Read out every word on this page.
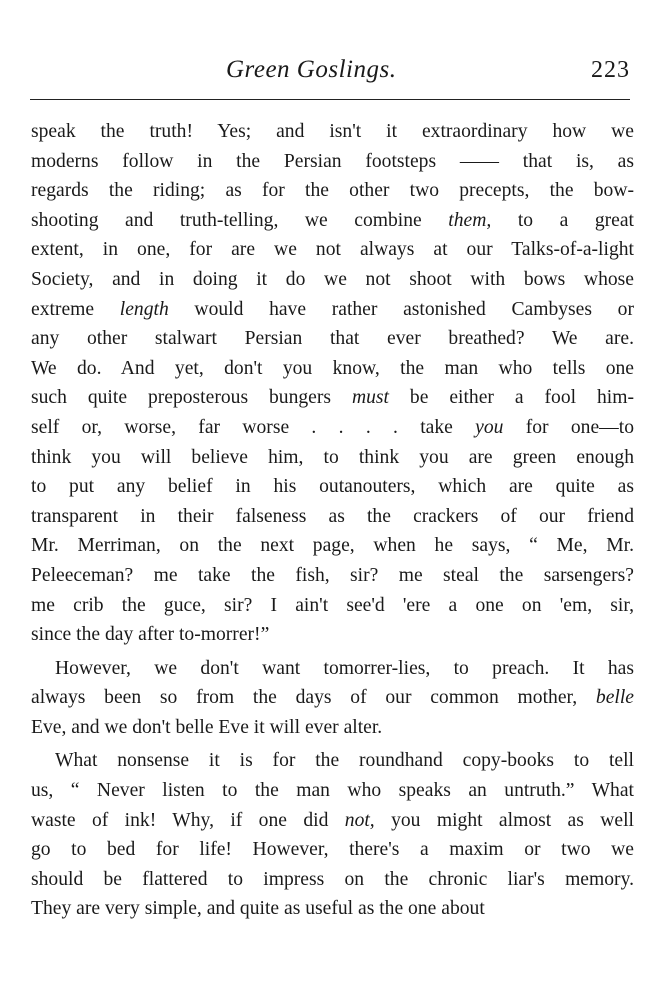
Green Goslings.	223
speak the truth! Yes; and isn't it extraordinary how we
moderns follow in the Persian footsteps —— that is, as
regards the riding; as for the other two precepts, the bow-
shooting and truth-telling, we combine them, to a great
extent, in one, for are we not always at our Talks-of-a-light
Society, and in doing it do we not shoot with bows whose
extreme length would have rather astonished Cambyses or
any other stalwart Persian that ever breathed? We are.
We do. And yet, don't you know, the man who tells one
such quite preposterous bungers must be either a fool him-
self or, worse, far worse . . . . take you for one—to
think you will believe him, to think you are green enough
to put any belief in his outanouters, which are quite as
transparent in their falseness as the crackers of our friend
Mr. Merriman, on the next page, when he says, “ Me, Mr.
Peleeceman? me take the fish, sir? me steal the sarsengers?
me crib the guce, sir? I ain't see'd 'ere a one on 'em, sir,
since the day after to-morrer!”
However, we don't want tomorrer-lies, to preach. It has
always been so from the days of our common mother, belle
Eve, and we don't belle Eve it will ever alter.
What nonsense it is for the roundhand copy-books to tell
us, “ Never listen to the man who speaks an untruth.” What
waste of ink! Why, if one did not, you might almost as well
go to bed for life! However, there's a maxim or two we
should be flattered to impress on the chronic liar's memory.
They are very simple, and quite as useful as the one about
